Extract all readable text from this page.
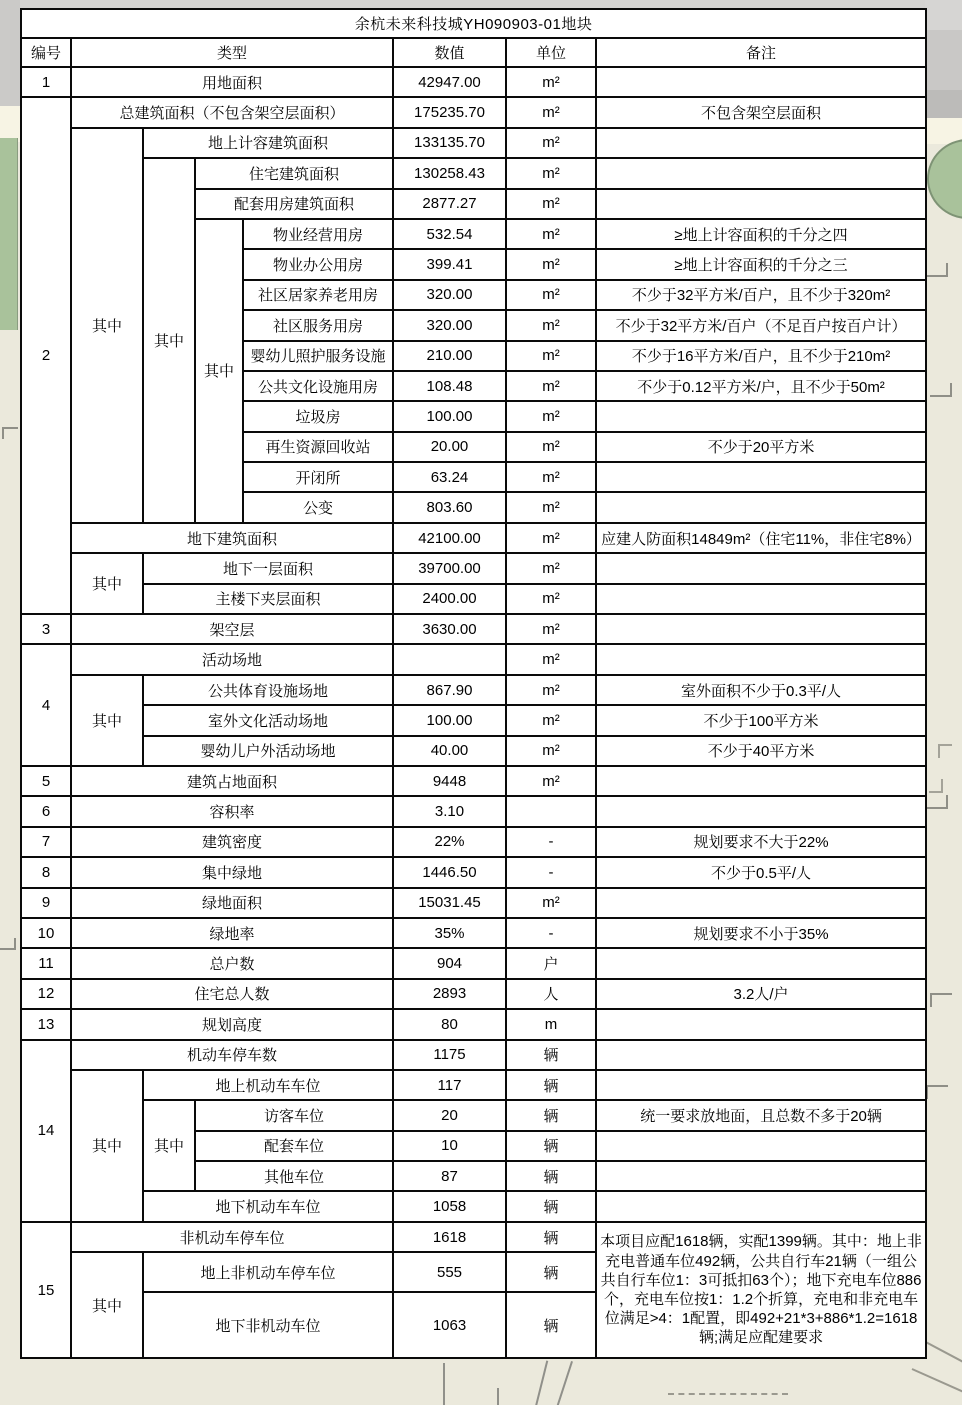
余杭未来科技城YH090903-01地块							
编号	类型				数值	单位	备注
1	用地面积				42947.00	m²	
2	总建筑面积（不包含架空层面积）				175235.70	m²	不包含架空层面积
	其中	地上计容建筑面积			133135.70	m²	
		其中	住宅建筑面积		130258.43	m²	
			配套用房建筑面积		2877.27	m²	
			其中	物业经营用房	532.54	m²	≥地上计容面积的千分之四
				物业办公用房	399.41	m²	≥地上计容面积的千分之三
				社区居家养老用房	320.00	m²	不少于32平方米/百户，且不少于320m²
				社区服务用房	320.00	m²	不少于32平方米/百户（不足百户按百户计）
				婴幼儿照护服务设施	210.00	m²	不少于16平方米/百户，且不少于210m²
				公共文化设施用房	108.48	m²	不少于0.12平方米/户，且不少于50m²
				垃圾房	100.00	m²	
				再生资源回收站	20.00	m²	不少于20平方米
				开闭所	63.24	m²	
				公变	803.60	m²	
	地下建筑面积				42100.00	m²	应建人防面积14849m²（住宅11%，非住宅8%）
	其中	地下一层面积			39700.00	m²	
		主楼下夹层面积			2400.00	m²	
3	架空层				3630.00	m²	
4	活动场地					m²	
	其中	公共体育设施场地			867.90	m²	室外面积不少于0.3平/人
		室外文化活动场地			100.00	m²	不少于100平方米
		婴幼儿户外活动场地			40.00	m²	不少于40平方米
5	建筑占地面积				9448	m²	
6	容积率				3.10		
7	建筑密度				22%	-	规划要求不大于22%
8	集中绿地				1446.50	-	不少于0.5平/人
9	绿地面积				15031.45	m²	
10	绿地率				35%	-	规划要求不小于35%
11	总户数				904	户	
12	住宅总人数				2893	人	3.2人/户
13	规划高度				80	m	
14	机动车停车数				1175	辆	
	其中	地上机动车车位			117	辆	
		其中	访客车位		20	辆	统一要求放地面，且总数不多于20辆
			配套车位		10	辆	
			其他车位		87	辆	
		地下机动车车位			1058	辆	
15	非机动车停车位				1618	辆	本项目应配1618辆，实配1399辆。其中：地上非充电普通车位492辆，公共自行车21辆（一组公共自行车位1：3可抵扣63个）；地下充电车位886个，充电车位按1：1.2个折算，充电和非充电车位满足>4：1配置，即492+21*3+886*1.2=1618辆;满足应配建要求
	其中	地上非机动车停车位			555	辆	
		地下非机动车位			1063	辆	
